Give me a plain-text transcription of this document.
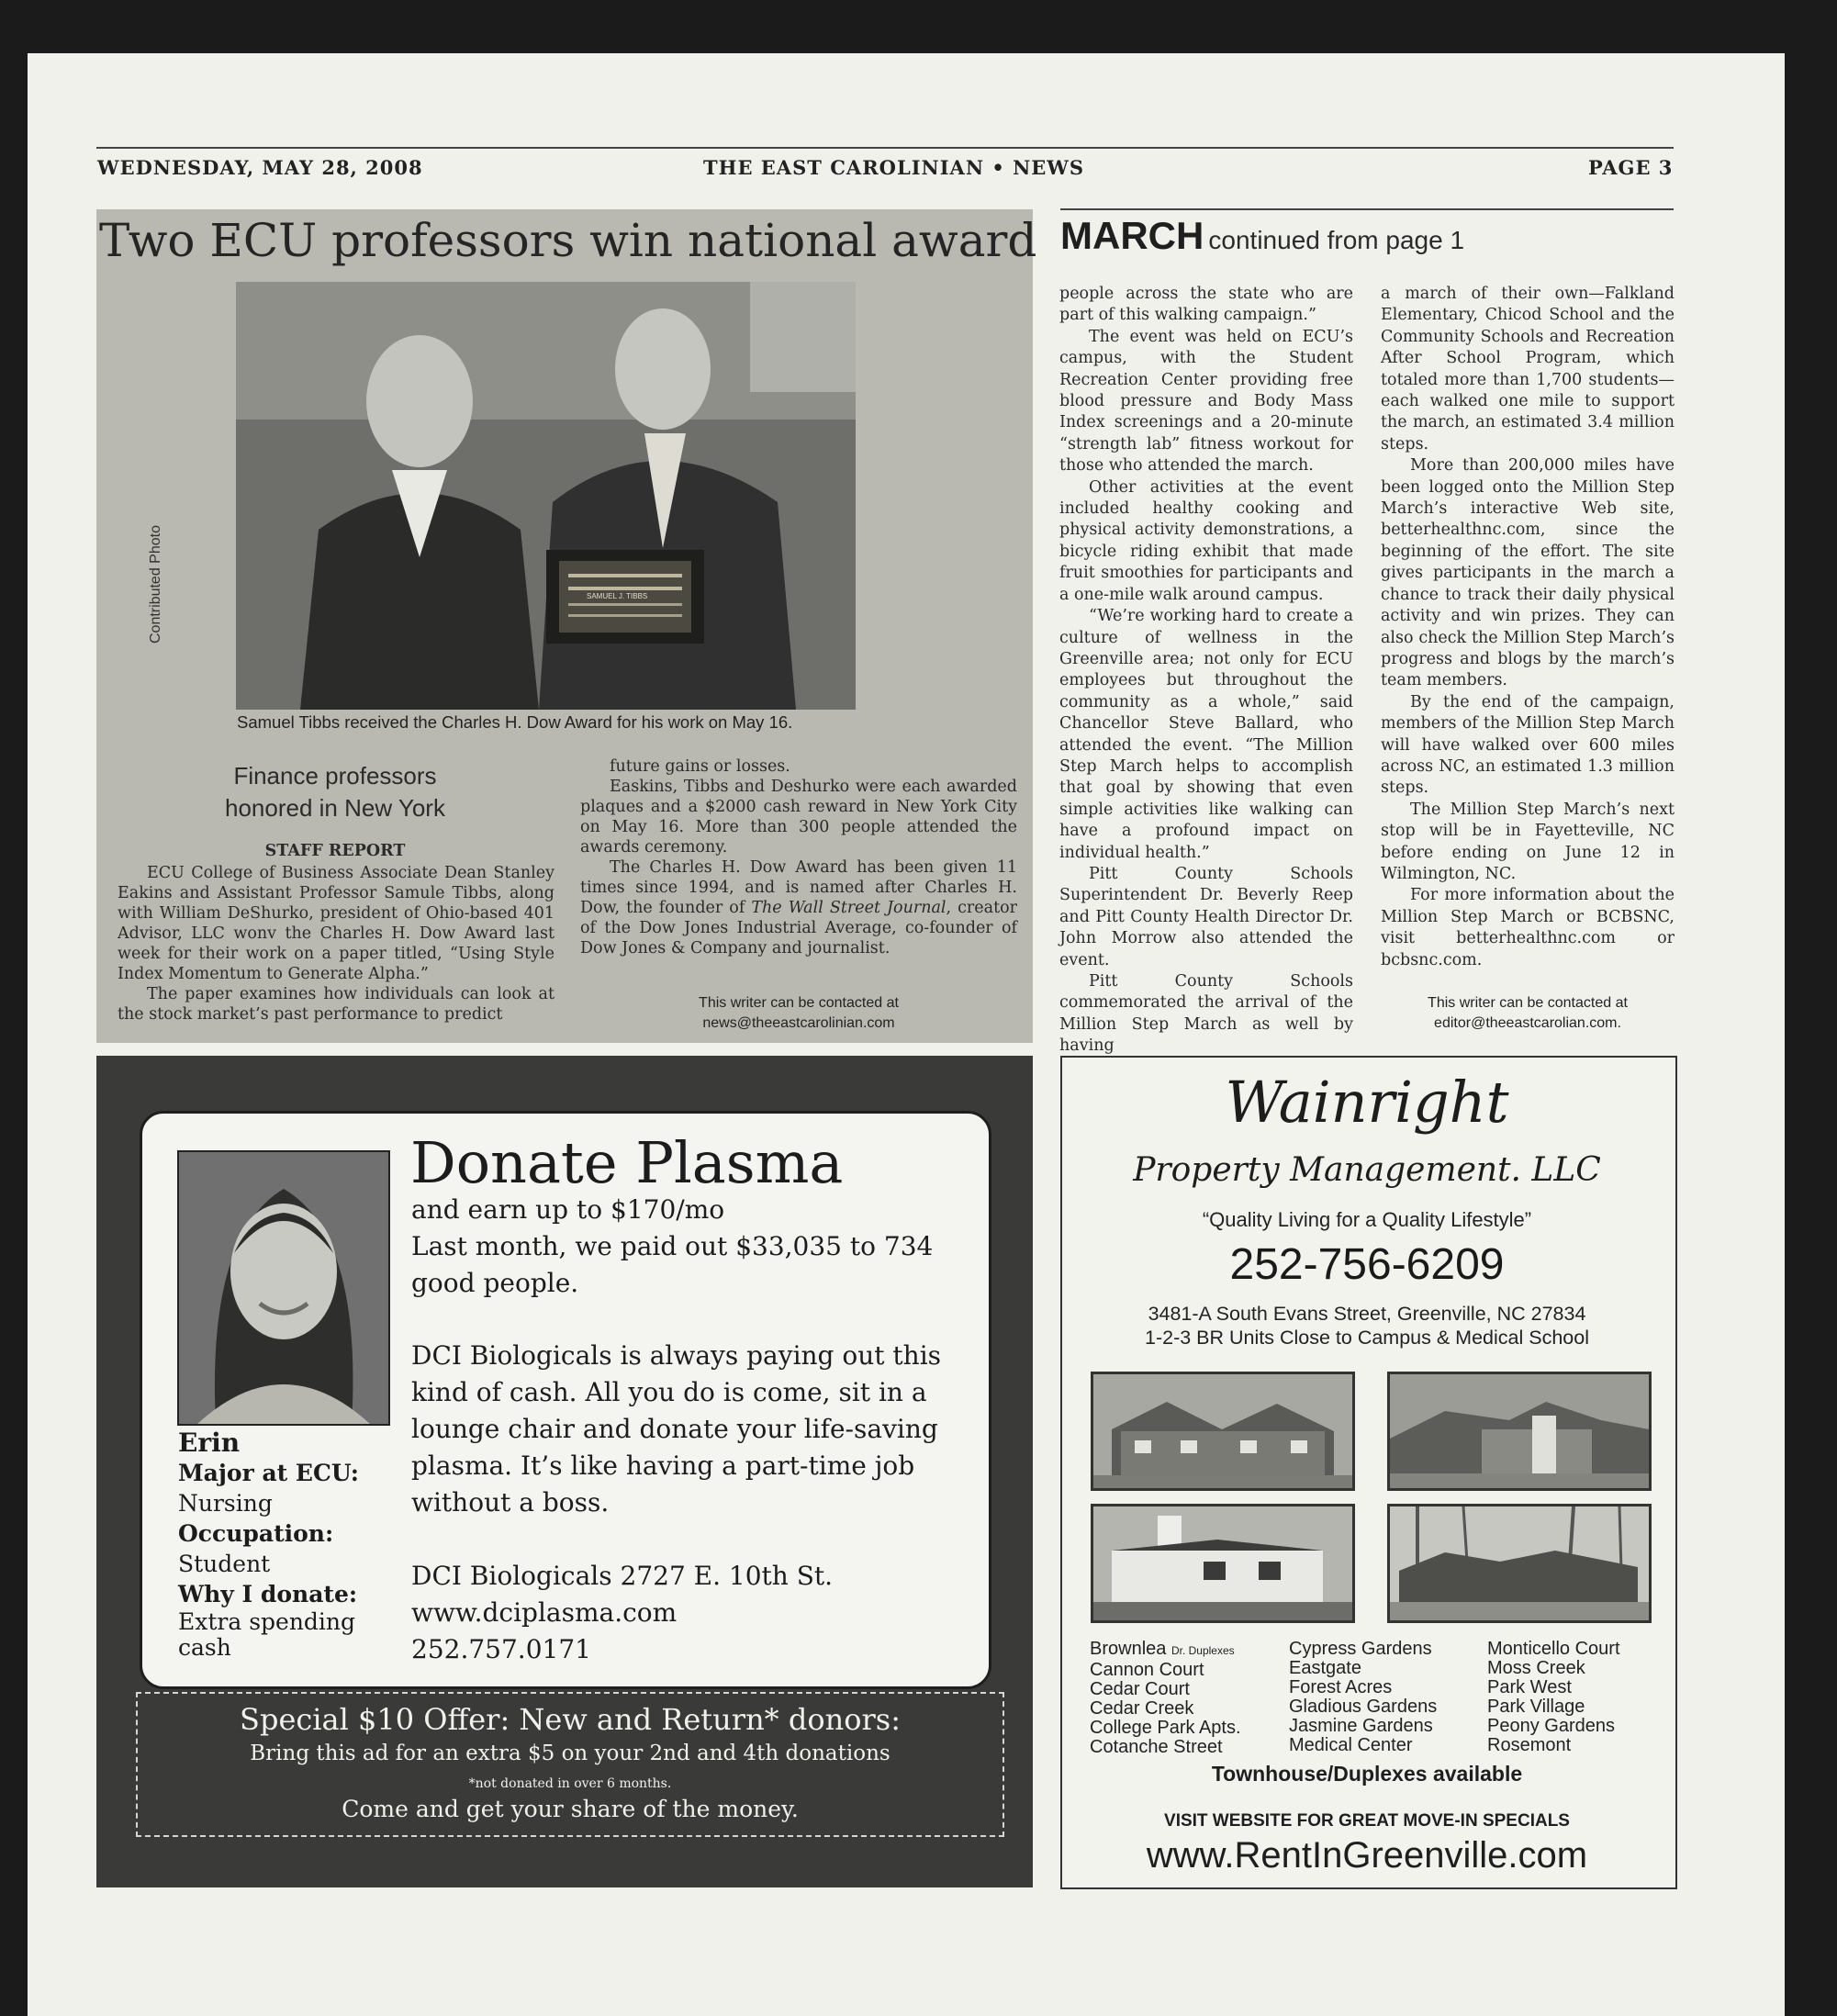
WEDNESDAY, MAY 28, 2008	THE EAST CAROLINIAN • NEWS	PAGE 3
Two ECU professors win national award
SAMUEL J. TIBBS
Contributed Photo
Samuel Tibbs received the Charles H. Dow Award for his work on May 16.
Finance professors
honored in New York
STAFF REPORT

ECU College of Business Associate Dean Stanley Eakins and Assistant Professor Samule Tibbs, along with William DeShurko, president of Ohio-based 401 Advisor, LLC wonv the Charles H. Dow Award last week for their work on a paper titled, “Using Style Index Momentum to Generate Alpha.”

The paper examines how individuals can look at the stock market’s past performance to predict

future gains or losses.

Easkins, Tibbs and Deshurko were each awarded plaques and a $2000 cash reward in New York City on May 16. More than 300 people attended the awards ceremony.

The Charles H. Dow Award has been given 11 times since 1994, and is named after Charles H. Dow, the founder of The Wall Street Journal, creator of the Dow Jones Industrial Average, co-founder of Dow Jones & Company and journalist.

This writer can be contacted at
news@theeastcarolinian.com
MARCH continued from page 1

people across the state who are part of this walking campaign.”

The event was held on ECU’s campus, with the Student Recreation Center providing free blood pressure and Body Mass Index screenings and a 20-minute “strength lab” fitness workout for those who attended the march.

Other activities at the event included healthy cooking and physical activity demonstrations, a bicycle riding exhibit that made fruit smoothies for participants and a one-mile walk around campus.

“We’re working hard to create a culture of wellness in the Greenville area; not only for ECU employees but throughout the community as a whole,” said Chancellor Steve Ballard, who attended the event. “The Million Step March helps to accomplish that goal by showing that even simple activities like walking can have a profound impact on individual health.”

Pitt County Schools Superintendent Dr. Beverly Reep and Pitt County Health Director Dr. John Morrow also attended the event.

Pitt County Schools commemorated the arrival of the Million Step March as well by having

a march of their own—Falkland Elementary, Chicod School and the Community Schools and Recreation After School Program, which totaled more than 1,700 students—each walked one mile to support the march, an estimated 3.4 million steps.

More than 200,000 miles have been logged onto the Million Step March’s interactive Web site, betterhealthnc.com, since the beginning of the effort. The site gives participants in the march a chance to track their daily physical activity and win prizes. They can also check the Million Step March’s progress and blogs by the march’s team members.

By the end of the campaign, members of the Million Step March will have walked over 600 miles across NC, an estimated 1.3 million steps.

The Million Step March’s next stop will be in Fayetteville, NC before ending on June 12 in Wilmington, NC.

For more information about the Million Step March or BCBSNC, visit betterhealthnc.com or bcbsnc.com.

This writer can be contacted at
editor@theeastcarolian.com.
Erin
Major at ECU:
Nursing
Occupation:
Student
Why I donate:
Extra spending
cash
Donate Plasma
and earn up to $170/mo
Last month, we paid out $33,035 to 734
good people.
DCI Biologicals is always paying out this
kind of cash. All you do is come, sit in a
lounge chair and donate your life-saving
plasma. It’s like having a part-time job
without a boss.
DCI Biologicals 2727 E. 10th St.
www.dciplasma.com
252.757.0171
Special $10 Offer: New and Return* donors:
Bring this ad for an extra $5 on your 2nd and 4th donations
*not donated in over 6 months.
Come and get your share of the money.
Wainright
Property Management. LLC
“Quality Living for a Quality Lifestyle”
252-756-6209
3481-A South Evans Street, Greenville, NC 27834
1-2-3 BR Units Close to Campus & Medical School
Brownlea Dr. Duplexes
Cannon Court
Cedar Court
Cedar Creek
College Park Apts.
Cotanche Street
Cypress Gardens
Eastgate
Forest Acres
Gladious Gardens
Jasmine Gardens
Medical Center
Monticello Court
Moss Creek
Park West
Park Village
Peony Gardens
Rosemont
Townhouse/Duplexes available
VISIT WEBSITE FOR GREAT MOVE-IN SPECIALS
www.RentInGreenville.com
